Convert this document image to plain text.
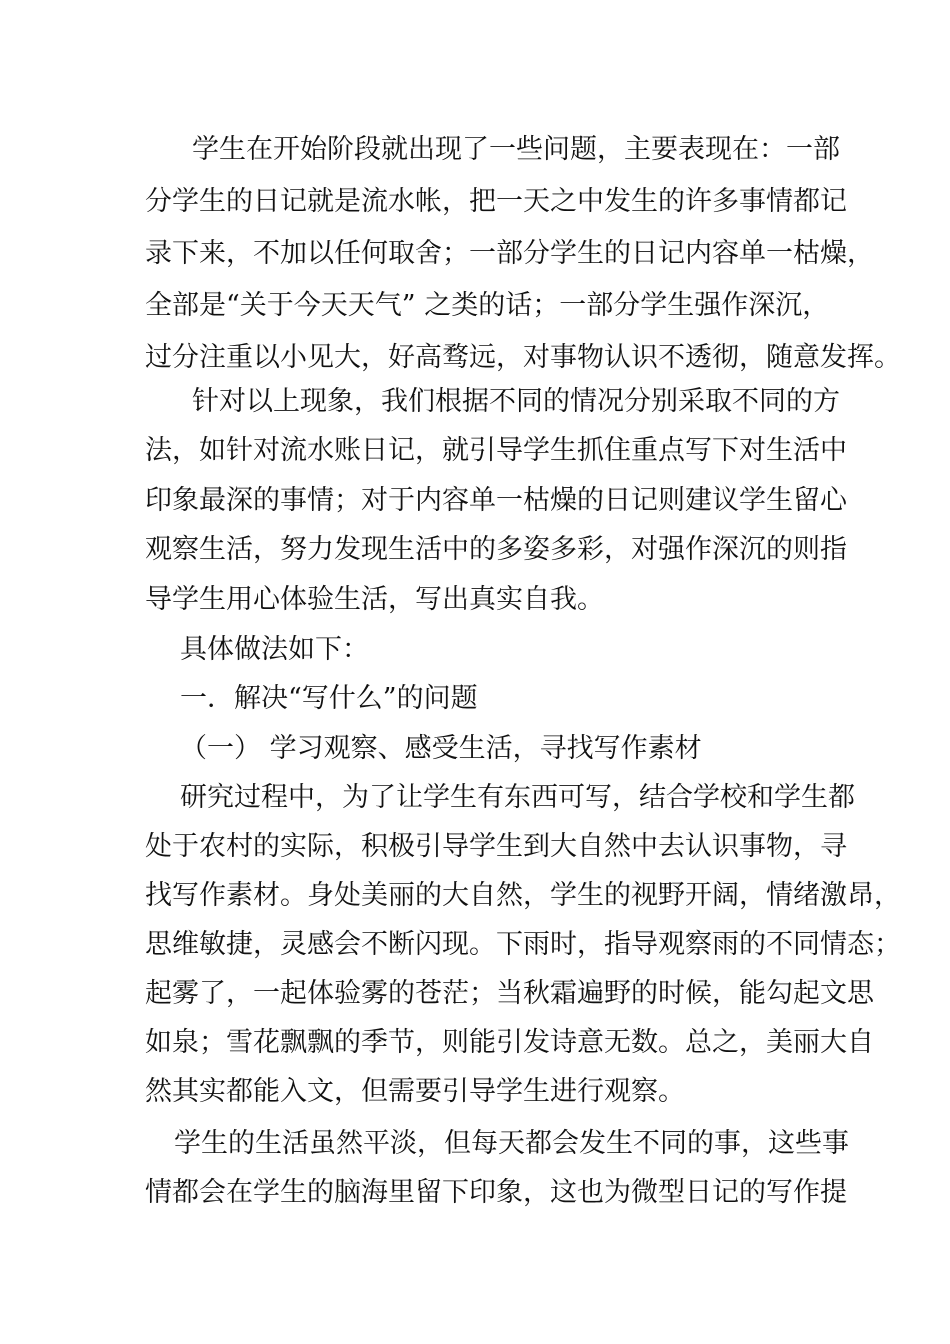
学生在开始阶段就出现了一些问题，主要表现在：一部
分学生的日记就是流水帐，把一天之中发生的许多事情都记
录下来，不加以任何取舍；一部分学生的日记内容单一枯燥，
全部是“关于今天天气” 之类的话；一部分学生强作深沉，
过分注重以小见大，好高骛远，对事物认识不透彻，随意发挥。
针对以上现象，我们根据不同的情况分别采取不同的方
法，如针对流水账日记，就引导学生抓住重点写下对生活中
印象最深的事情；对于内容单一枯燥的日记则建议学生留心
观察生活，努力发现生活中的多姿多彩，对强作深沉的则指
导学生用心体验生活，写出真实自我。
具体做法如下：
一．解决“写什么”的问题
（一） 学习观察、感受生活，寻找写作素材
研究过程中，为了让学生有东西可写，结合学校和学生都
处于农村的实际，积极引导学生到大自然中去认识事物，寻
找写作素材。身处美丽的大自然，学生的视野开阔，情绪激昂，
思维敏捷，灵感会不断闪现。下雨时，指导观察雨的不同情态；
起雾了，一起体验雾的苍茫；当秋霜遍野的时候，能勾起文思
如泉；雪花飘飘的季节，则能引发诗意无数。总之，美丽大自
然其实都能入文，但需要引导学生进行观察。
学生的生活虽然平淡，但每天都会发生不同的事，这些事
情都会在学生的脑海里留下印象，这也为微型日记的写作提
